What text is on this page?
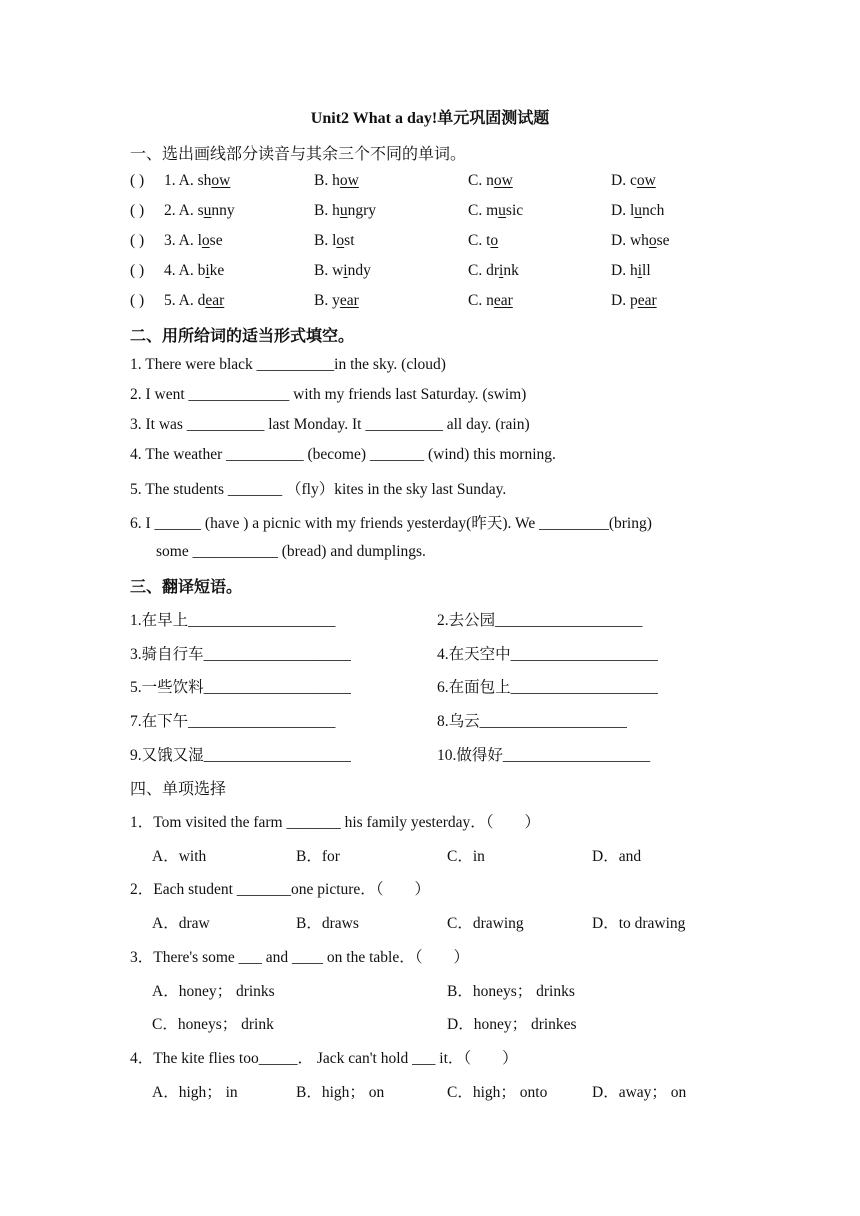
Unit2 What a day!单元巩固测试题
一、选出画线部分读音与其余三个不同的单词。
( ) 1. A. show	B. how	C. now	D. cow
( ) 2. A. sunny	B. hungry	C. music	D. lunch
( ) 3. A. lose	B. lost	C. to	D. whose
( ) 4. A. bike	B. windy	C. drink	D. hill
( ) 5. A. dear	B. year	C. near	D. pear
二、用所给词的适当形式填空。
1. There were black __________in the sky. (cloud)
2. I went _____________ with my friends last Saturday. (swim)
3. It was __________ last Monday. It __________ all day. (rain)
4. The weather __________ (become) _______ (wind) this morning.
5. The students _______ （fly）kites in the sky last Sunday.
6. I ______ (have ) a picnic with my friends yesterday(昨天). We _________(bring)
some ___________ (bread) and dumplings.
三、翻译短语。
1.在早上___________________	2.去公园___________________
3.骑自行车___________________	4.在天空中___________________
5.一些饮料___________________	6.在面包上___________________
7.在下午___________________	8.乌云___________________
9.又饿又湿___________________	10.做得好___________________
四、单项选择
1．Tom visited the farm _______ his family yesterday．（　　）
A．with	B．for	C．in	D．and
2．Each student _______one picture．（　　）
A．draw	B．draws	C．drawing	D．to drawing
3．There's some ___ and ____ on the table．（　　）
A．honey； drinks	B．honeys； drinks
C．honeys； drink	D．honey； drinkes
4．The kite flies too_____． Jack can't hold ___ it．（　　）
A．high； in	B．high； on	C．high； onto	D．away； on
